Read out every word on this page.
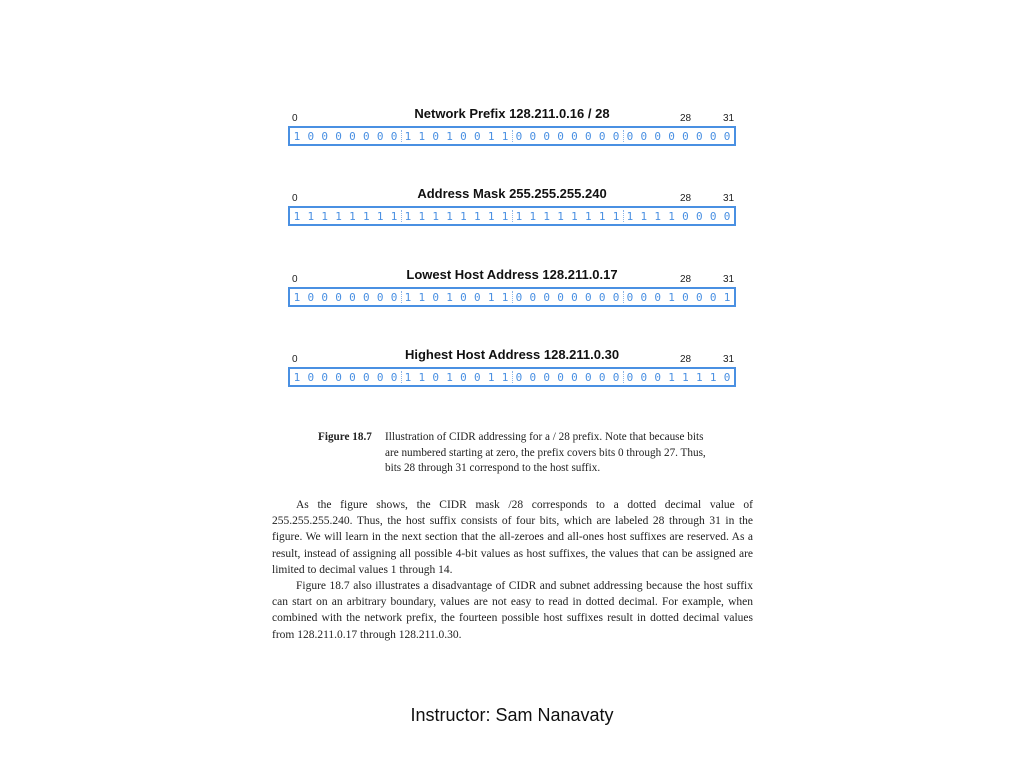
0	Network Prefix 128.211.0.16 / 28	28	31
1 0 0 0 0 0 0 0 1 1 0 1 0 0 1 1 0 0 0 0 0 0 0 0 0 0 0 0 0 0 0 0
0	Address Mask 255.255.255.240	28	31
1 1 1 1 1 1 1 1 1 1 1 1 1 1 1 1 1 1 1 1 1 1 1 1 1 1 1 1 0 0 0 0
0	Lowest Host Address 128.211.0.17	28	31
1 0 0 0 0 0 0 0 1 1 0 1 0 0 1 1 0 0 0 0 0 0 0 0 0 0 0 1 0 0 0 1
0	Highest Host Address 128.211.0.30	28	31
1 0 0 0 0 0 0 0 1 1 0 1 0 0 1 1 0 0 0 0 0 0 0 0 0 0 0 1 1 1 1 0
Figure 18.7 Illustration of CIDR addressing for a / 28 prefix. Note that because bits are numbered starting at zero, the prefix covers bits 0 through 27. Thus, bits 28 through 31 correspond to the host suffix.

As the figure shows, the CIDR mask /28 corresponds to a dotted decimal value of 255.255.255.240. Thus, the host suffix consists of four bits, which are labeled 28 through 31 in the figure. We will learn in the next section that the all-zeroes and all-ones host suffixes are reserved. As a result, instead of assigning all possible 4-bit values as host suffixes, the values that can be assigned are limited to decimal values 1 through 14.

Figure 18.7 also illustrates a disadvantage of CIDR and subnet addressing because the host suffix can start on an arbitrary boundary, values are not easy to read in dotted decimal. For example, when combined with the network prefix, the fourteen possible host suffixes result in dotted decimal values from 128.211.0.17 through 128.211.0.30.

Instructor: Sam Nanavaty
